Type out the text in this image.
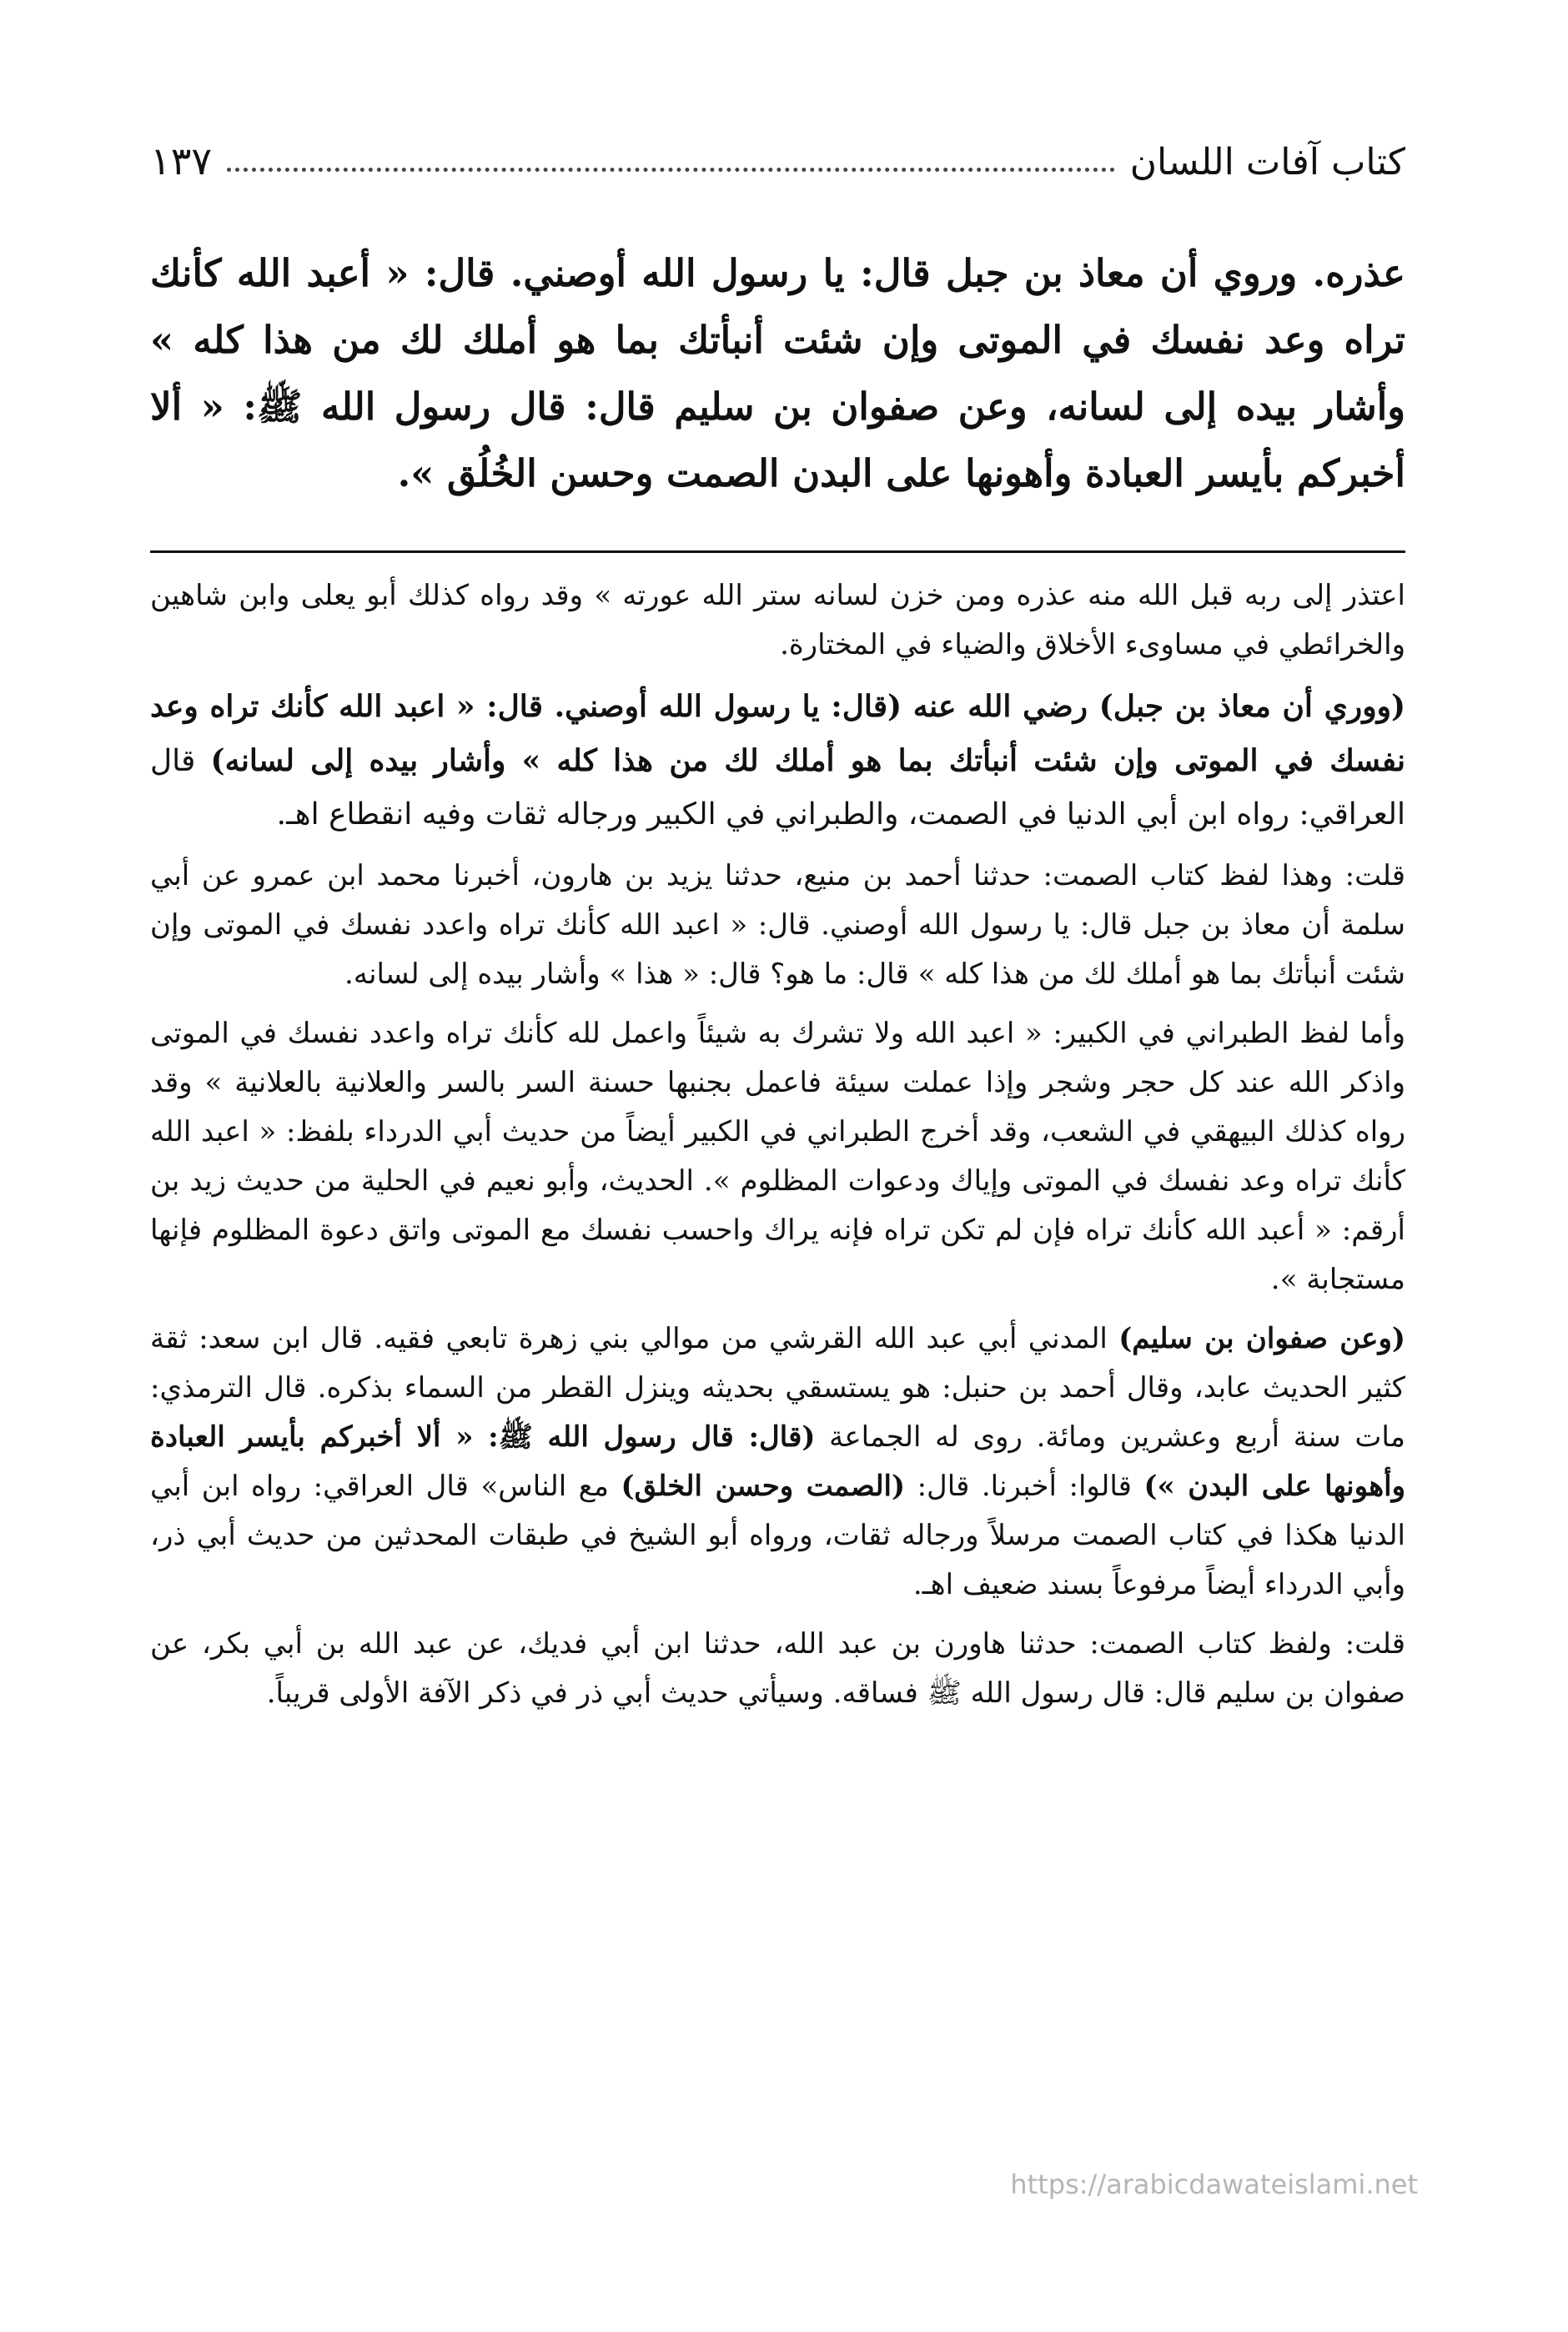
كتاب آفات اللسان
١٣٧
عذره. وروي أن معاذ بن جبل قال: يا رسول الله أوصني. قال: « أعبد الله كأنك تراه وعد نفسك في الموتى وإن شئت أنبأتك بما هو أملك لك من هذا كله » وأشار بيده إلى لسانه، وعن صفوان بن سليم قال: قال رسول الله ﷺ: « ألا أخبركم بأيسر العبادة وأهونها على البدن الصمت وحسن الخُلُق ».

اعتذر إلى ربه قبل الله منه عذره ومن خزن لسانه ستر الله عورته » وقد رواه كذلك أبو يعلى وابن شاهين والخرائطي في مساوىء الأخلاق والضياء في المختارة.

(ووري أن معاذ بن جبل) رضي الله عنه (قال: يا رسول الله أوصني. قال: « اعبد الله كأنك تراه وعد نفسك في الموتى وإن شئت أنبأتك بما هو أملك لك من هذا كله » وأشار بيده إلى لسانه) قال العراقي: رواه ابن أبي الدنيا في الصمت، والطبراني في الكبير ورجاله ثقات وفيه انقطاع اهـ.

قلت: وهذا لفظ كتاب الصمت: حدثنا أحمد بن منيع، حدثنا يزيد بن هارون، أخبرنا محمد ابن عمرو عن أبي سلمة أن معاذ بن جبل قال: يا رسول الله أوصني. قال: « اعبد الله كأنك تراه واعدد نفسك في الموتى وإن شئت أنبأتك بما هو أملك لك من هذا كله » قال: ما هو؟ قال: « هذا » وأشار بيده إلى لسانه.

وأما لفظ الطبراني في الكبير: « اعبد الله ولا تشرك به شيئاً واعمل لله كأنك تراه واعدد نفسك في الموتى واذكر الله عند كل حجر وشجر وإذا عملت سيئة فاعمل بجنبها حسنة السر بالسر والعلانية بالعلانية » وقد رواه كذلك البيهقي في الشعب، وقد أخرج الطبراني في الكبير أيضاً من حديث أبي الدرداء بلفظ: « اعبد الله كأنك تراه وعد نفسك في الموتى وإياك ودعوات المظلوم ». الحديث، وأبو نعيم في الحلية من حديث زيد بن أرقم: « أعبد الله كأنك تراه فإن لم تكن تراه فإنه يراك واحسب نفسك مع الموتى واتق دعوة المظلوم فإنها مستجابة ».

(وعن صفوان بن سليم) المدني أبي عبد الله القرشي من موالي بني زهرة تابعي فقيه. قال ابن سعد: ثقة كثير الحديث عابد، وقال أحمد بن حنبل: هو يستسقي بحديثه وينزل القطر من السماء بذكره. قال الترمذي: مات سنة أربع وعشرين ومائة. روى له الجماعة (قال: قال رسول الله ﷺ: « ألا أخبركم بأيسر العبادة وأهونها على البدن ») قالوا: أخبرنا. قال: (الصمت وحسن الخلق) مع الناس» قال العراقي: رواه ابن أبي الدنيا هكذا في كتاب الصمت مرسلاً ورجاله ثقات، ورواه أبو الشيخ في طبقات المحدثين من حديث أبي ذر، وأبي الدرداء أيضاً مرفوعاً بسند ضعيف اهـ.

قلت: ولفظ كتاب الصمت: حدثنا هاورن بن عبد الله، حدثنا ابن أبي فديك، عن عبد الله بن أبي بكر، عن صفوان بن سليم قال: قال رسول الله ﷺ فساقه. وسيأتي حديث أبي ذر في ذكر الآفة الأولى قريباً.

https://arabicdawateislami.net
